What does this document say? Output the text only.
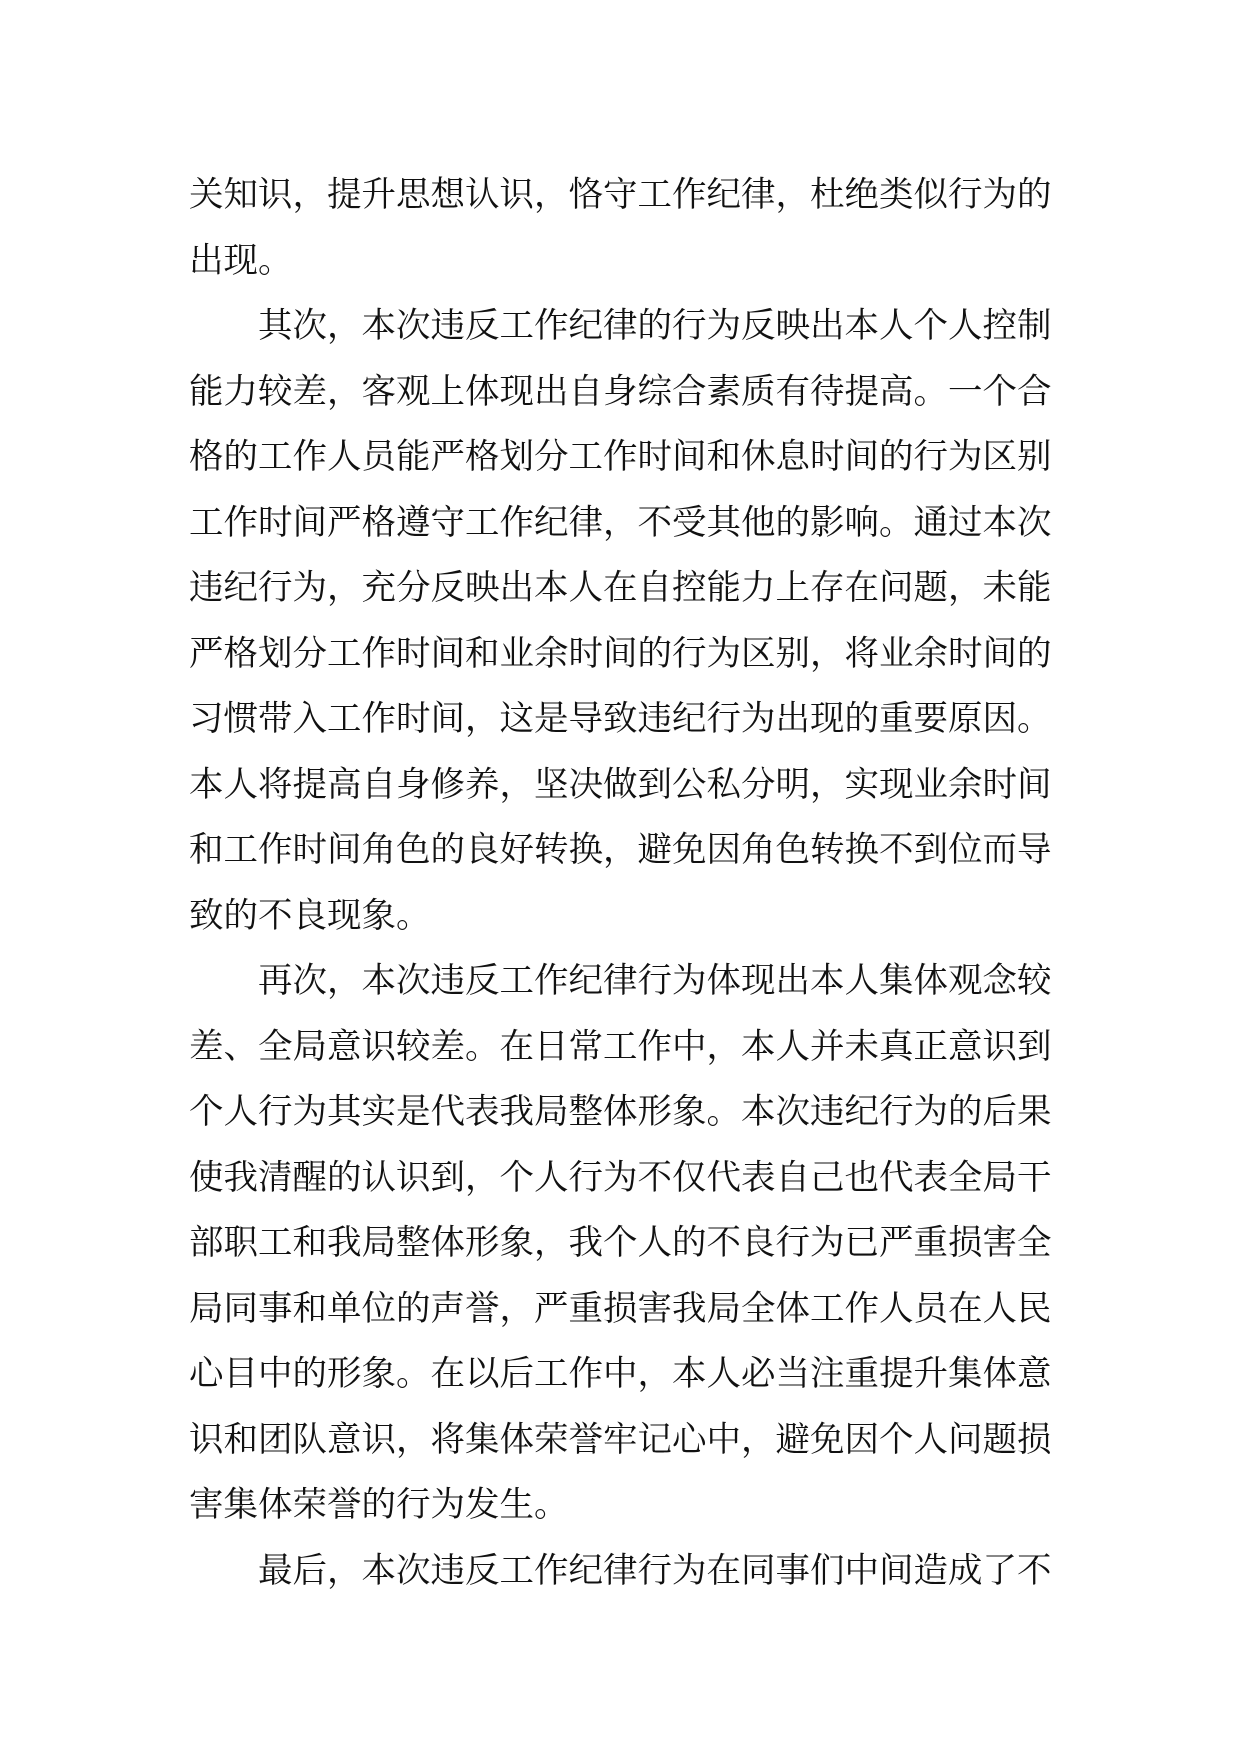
关知识，提升思想认识，恪守工作纪律，杜绝类似行为的
出现。
其次，本次违反工作纪律的行为反映出本人个人控制
能力较差，客观上体现出自身综合素质有待提高。一个合
格的工作人员能严格划分工作时间和休息时间的行为区别
工作时间严格遵守工作纪律，不受其他的影响。通过本次
违纪行为，充分反映出本人在自控能力上存在问题，未能
严格划分工作时间和业余时间的行为区别，将业余时间的
习惯带入工作时间，这是导致违纪行为出现的重要原因。
本人将提高自身修养，坚决做到公私分明，实现业余时间
和工作时间角色的良好转换，避免因角色转换不到位而导
致的不良现象。
再次，本次违反工作纪律行为体现出本人集体观念较
差、全局意识较差。在日常工作中，本人并未真正意识到
个人行为其实是代表我局整体形象。本次违纪行为的后果
使我清醒的认识到，个人行为不仅代表自己也代表全局干
部职工和我局整体形象，我个人的不良行为已严重损害全
局同事和单位的声誉，严重损害我局全体工作人员在人民
心目中的形象。在以后工作中，本人必当注重提升集体意
识和团队意识，将集体荣誉牢记心中，避免因个人问题损
害集体荣誉的行为发生。
最后，本次违反工作纪律行为在同事们中间造成了不
